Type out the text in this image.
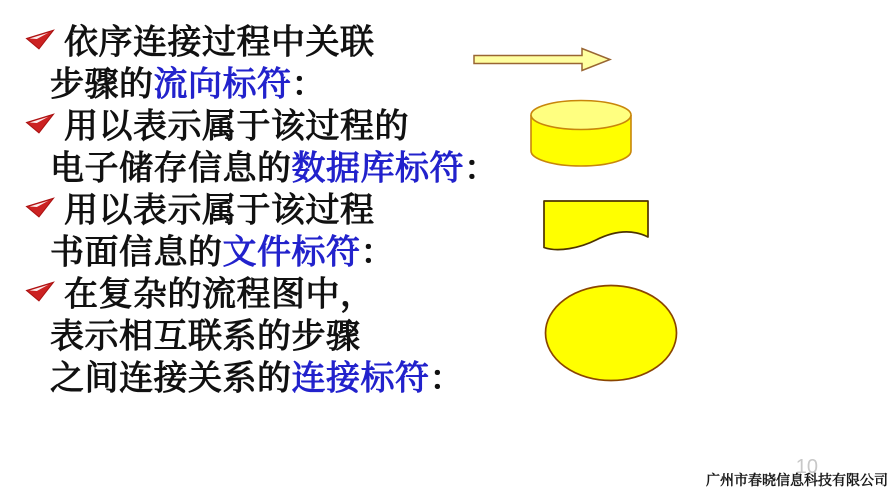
依序连接过程中关联
步骤的流向标符：
用以表示属于该过程的
电子储存信息的数据库标符：
用以表示属于该过程
书面信息的文件标符：
在复杂的流程图中，
表示相互联系的步骤
之间连接关系的连接标符：
10
广州市春晓信息科技有限公司
